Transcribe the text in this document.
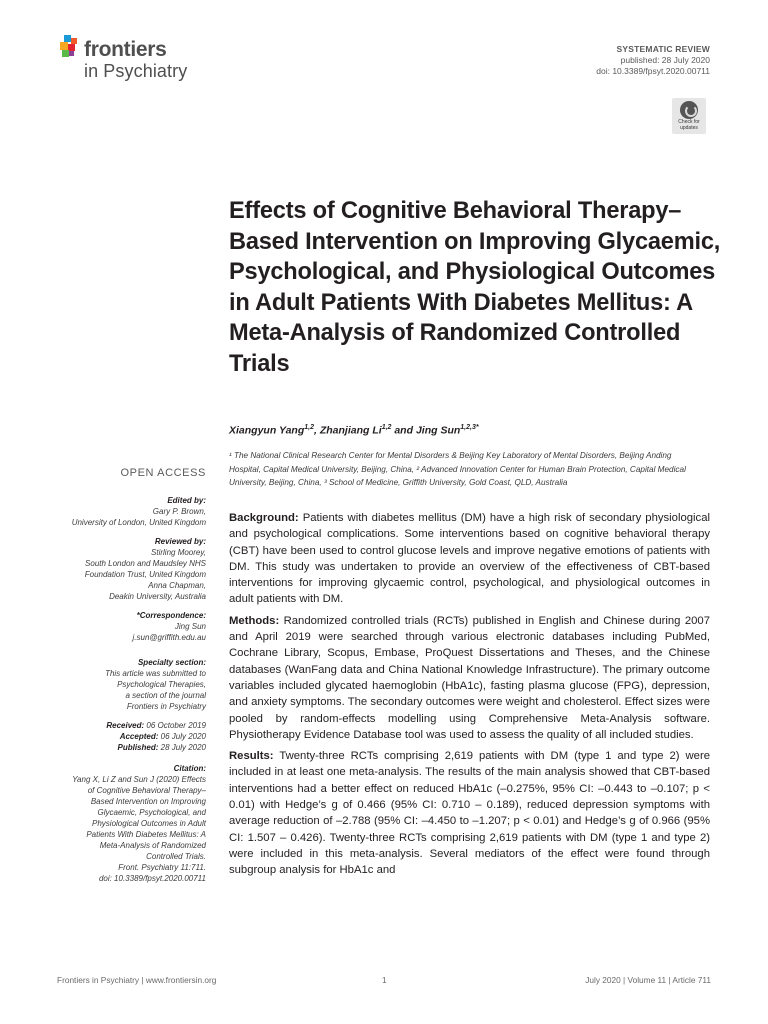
frontiers
in Psychiatry
SYSTEMATIC REVIEW
published: 28 July 2020
doi: 10.3389/fpsyt.2020.00711
Check for
updates
Effects of Cognitive Behavioral Therapy–Based Intervention on Improving Glycaemic, Psychological, and Physiological Outcomes in Adult Patients With Diabetes Mellitus: A Meta-Analysis of Randomized Controlled Trials
Xiangyun Yang$^{1,2}$, Zhanjiang Li$^{1,2}$ and Jing Sun$^{1,2,3*}$
¹ The National Clinical Research Center for Mental Disorders & Beijing Key Laboratory of Mental Disorders, Beijing Anding Hospital, Capital Medical University, Beijing, China, ² Advanced Innovation Center for Human Brain Protection, Capital Medical University, Beijing, China, ³ School of Medicine, Griffith University, Gold Coast, QLD, Australia
OPEN ACCESS
Edited by:
Gary P. Brown,
University of London, United Kingdom
Reviewed by:
Stirling Moorey,
South London and Maudsley NHS
Foundation Trust, United Kingdom
Anna Chapman,
Deakin University, Australia
*Correspondence:
Jing Sun
j.sun@griffith.edu.au
Specialty section:
This article was submitted to
Psychological Therapies,
a section of the journal
Frontiers in Psychiatry
Received: 06 October 2019
Accepted: 06 July 2020
Published: 28 July 2020
Citation:
Yang X, Li Z and Sun J (2020) Effects
of Cognitive Behavioral Therapy–
Based Intervention on Improving
Glycaemic, Psychological, and
Physiological Outcomes in Adult
Patients With Diabetes Mellitus: A
Meta-Analysis of Randomized
Controlled Trials.
Front. Psychiatry 11:711.
doi: 10.3389/fpsyt.2020.00711

Background: Patients with diabetes mellitus (DM) have a high risk of secondary physiological and psychological complications. Some interventions based on cognitive behavioral therapy (CBT) have been used to control glucose levels and improve negative emotions of patients with DM. This study was undertaken to provide an overview of the effectiveness of CBT-based interventions for improving glycaemic control, psychological, and physiological outcomes in adult patients with DM.

Methods: Randomized controlled trials (RCTs) published in English and Chinese during 2007 and April 2019 were searched through various electronic databases including PubMed, Cochrane Library, Scopus, Embase, ProQuest Dissertations and Theses, and the Chinese databases (WanFang data and China National Knowledge Infrastructure). The primary outcome variables included glycated haemoglobin (HbA1c), fasting plasma glucose (FPG), depression, and anxiety symptoms. The secondary outcomes were weight and cholesterol. Effect sizes were pooled by random-effects modelling using Comprehensive Meta-Analysis software. Physiotherapy Evidence Database tool was used to assess the quality of all included studies.

Results: Twenty-three RCTs comprising 2,619 patients with DM (type 1 and type 2) were included in at least one meta-analysis. The results of the main analysis showed that CBT-based interventions had a better effect on reduced HbA1c (–0.275%, 95% CI: –0.443 to –0.107; p < 0.01) with Hedge’s g of 0.466 (95% CI: 0.710 – 0.189), reduced depression symptoms with average reduction of –2.788 (95% CI: –4.450 to –1.207; p < 0.01) and Hedge’s g of 0.966 (95% CI: 1.507 – 0.426). Twenty-three RCTs comprising 2,619 patients with DM (type 1 and type 2) were included in this meta-analysis. Several mediators of the effect were found through subgroup analysis for HbA1c and

Frontiers in Psychiatry | www.frontiersin.org	1	July 2020 | Volume 11 | Article 711
